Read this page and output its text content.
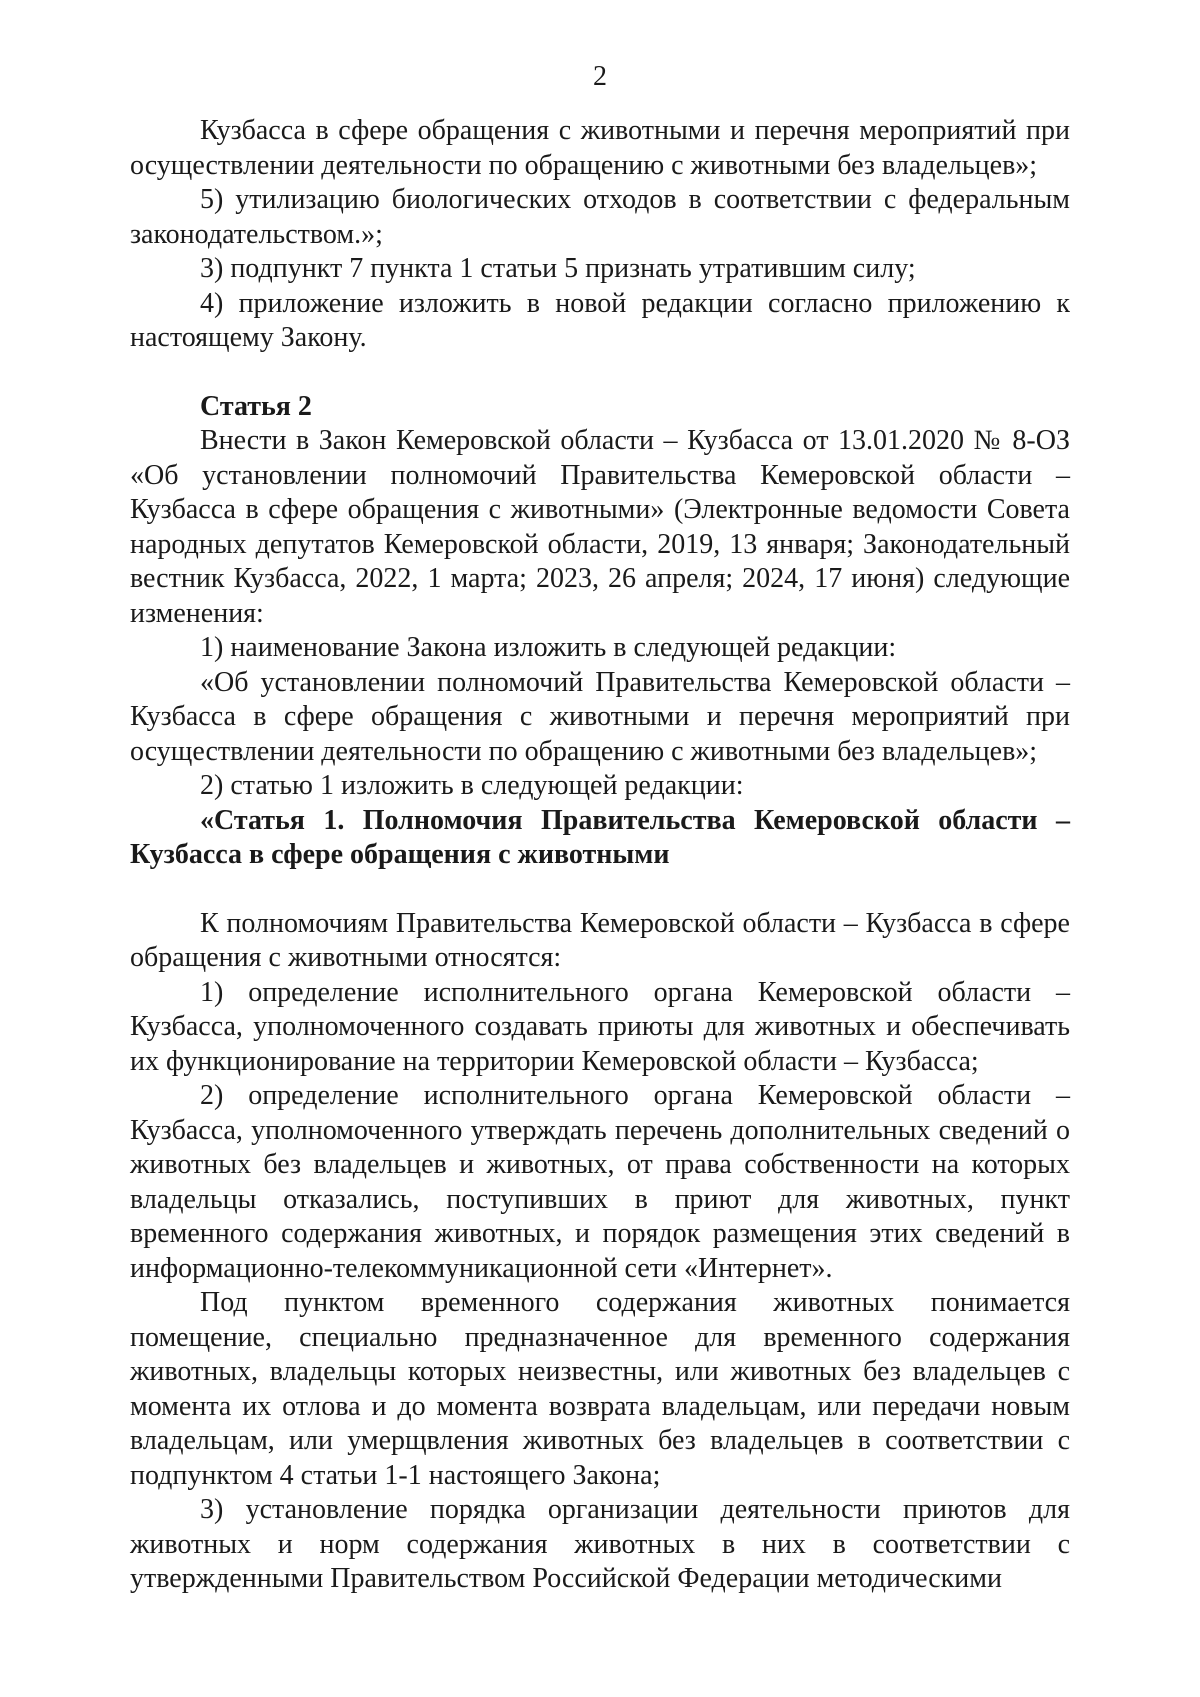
2

Кузбасса в сфере обращения с животными и перечня мероприятий при осуществлении деятельности по обращению с животными без владельцев»;

5) утилизацию биологических отходов в соответствии с федеральным законодательством.»;

3) подпункт 7 пункта 1 статьи 5 признать утратившим силу;

4) приложение изложить в новой редакции согласно приложению к настоящему Закону.

Статья 2

Внести в Закон Кемеровской области – Кузбасса от 13.01.2020 № 8-ОЗ «Об установлении полномочий Правительства Кемеровской области – Кузбасса в сфере обращения с животными» (Электронные ведомости Совета народных депутатов Кемеровской области, 2019, 13 января; Законодательный вестник Кузбасса, 2022, 1 марта; 2023, 26 апреля; 2024, 17 июня) следующие изменения:

1) наименование Закона изложить в следующей редакции:

«Об установлении полномочий Правительства Кемеровской области – Кузбасса в сфере обращения с животными и перечня мероприятий при осуществлении деятельности по обращению с животными без владельцев»;

2) статью 1 изложить в следующей редакции:

«Статья 1. Полномочия Правительства Кемеровской области – Кузбасса в сфере обращения с животными

К полномочиям Правительства Кемеровской области – Кузбасса в сфере обращения с животными относятся:

1) определение исполнительного органа Кемеровской области – Кузбасса, уполномоченного создавать приюты для животных и обеспечивать их функционирование на территории Кемеровской области – Кузбасса;

2) определение исполнительного органа Кемеровской области – Кузбасса, уполномоченного утверждать перечень дополнительных сведений о животных без владельцев и животных, от права собственности на которых владельцы отказались, поступивших в приют для животных, пункт временного содержания животных, и порядок размещения этих сведений в информационно-телекоммуникационной сети «Интернет».

Под пунктом временного содержания животных понимается помещение, специально предназначенное для временного содержания животных, владельцы которых неизвестны, или животных без владельцев с момента их отлова и до момента возврата владельцам, или передачи новым владельцам, или умерщвления животных без владельцев в соответствии с подпунктом 4 статьи 1-1 настоящего Закона;

3) установление порядка организации деятельности приютов для животных и норм содержания животных в них в соответствии с утвержденными Правительством Российской Федерации методическими
